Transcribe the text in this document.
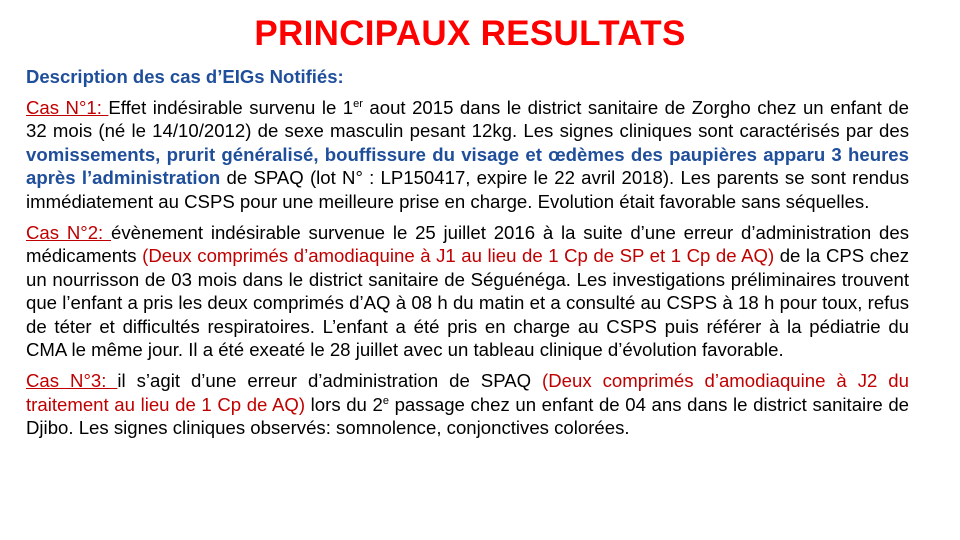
PRINCIPAUX RESULTATS
Description des cas d’EIGs Notifiés:

Cas N°1: Effet indésirable survenu le 1er aout 2015 dans le district sanitaire de Zorgho chez un enfant de 32 mois (né le 14/10/2012) de sexe masculin pesant 12kg. Les signes cliniques sont caractérisés par des vomissements, prurit généralisé, bouffissure du visage et œdèmes des paupières apparu 3 heures après l’administration de SPAQ (lot N° : LP150417, expire le 22 avril 2018). Les parents se sont rendus immédiatement au CSPS pour une meilleure prise en charge. Evolution était favorable sans séquelles.

Cas N°2: évènement indésirable survenue le 25 juillet 2016 à la suite d’une erreur d’administration des médicaments (Deux comprimés d’amodiaquine à J1 au lieu de 1 Cp de SP et 1 Cp de AQ) de la CPS chez un nourrisson de 03 mois dans le district sanitaire de Séguénéga. Les investigations préliminaires trouvent que l’enfant a pris les deux comprimés d’AQ à 08 h du matin et a consulté au CSPS à 18 h pour toux, refus de téter et difficultés respiratoires. L’enfant a été pris en charge au CSPS puis référer à la pédiatrie du CMA le même jour. Il a été exeaté le 28 juillet avec un tableau clinique d’évolution favorable.

Cas N°3: il s’agit d’une erreur d’administration de SPAQ (Deux comprimés d’amodiaquine à J2 du traitement au lieu de 1 Cp de AQ) lors du 2e passage chez un enfant de 04 ans dans le district sanitaire de Djibo. Les signes cliniques observés: somnolence, conjonctives colorées.
